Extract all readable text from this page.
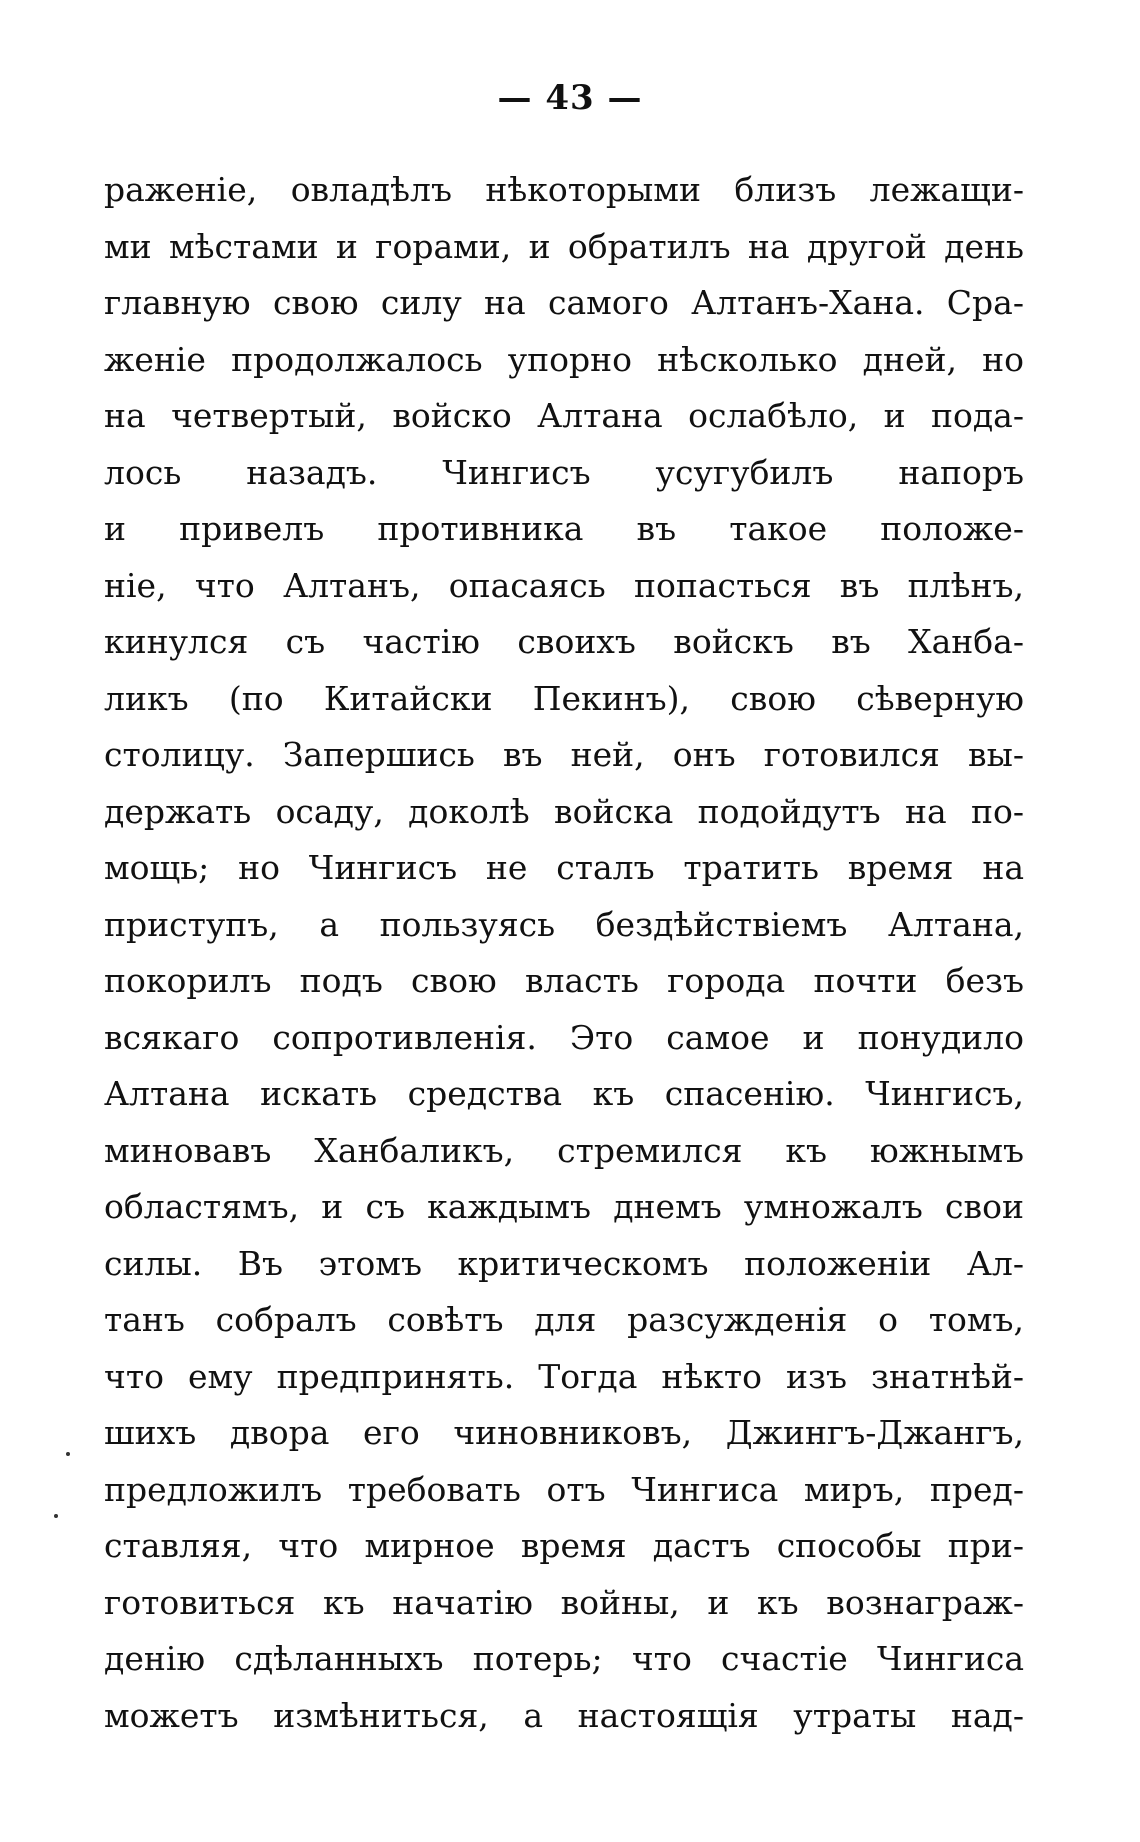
— 43 —
раженіе, овладѣлъ нѣкоторыми близъ лежащи-
ми мѣстами и горами, и обратилъ на другой день
главную свою силу на самого Алтанъ-Хана. Сра-
женіе продолжалось упорно нѣсколько дней, но
на четвертый, войско Алтана ослабѣло, и пода-
лось назадъ. Чингисъ усугубилъ напоръ
и привелъ противника въ такое положе-
ніе, что Алтанъ, опасаясь попасться въ плѣнъ,
кинулся съ частію своихъ войскъ въ Ханба-
ликъ (по Китайски Пекинъ), свою сѣверную
столицу. Запершись въ ней, онъ готовился вы-
держать осаду, доколѣ войска подойдутъ на по-
мощь; но Чингисъ не сталъ тратить время на
приступъ, а пользуясь бездѣйствіемъ Алтана,
покорилъ подъ свою власть города почти безъ
всякаго сопротивленія. Это самое и понудило
Алтана искать средства къ спасенію. Чингисъ,
миновавъ Ханбаликъ, стремился къ южнымъ
областямъ, и съ каждымъ днемъ умножалъ свои
силы. Въ этомъ критическомъ положеніи Ал-
танъ собралъ совѣтъ для разсужденія о томъ,
что ему предпринять. Тогда нѣкто изъ знатнѣй-
шихъ двора его чиновниковъ, Джингъ-Джангъ,
предложилъ требовать отъ Чингиса миръ, пред-
ставляя, что мирное время дастъ способы при-
готовиться къ начатію войны, и къ вознаграж-
денію сдѣланныхъ потерь; что счастіе Чингиса
можетъ измѣниться, а настоящія утраты над-
